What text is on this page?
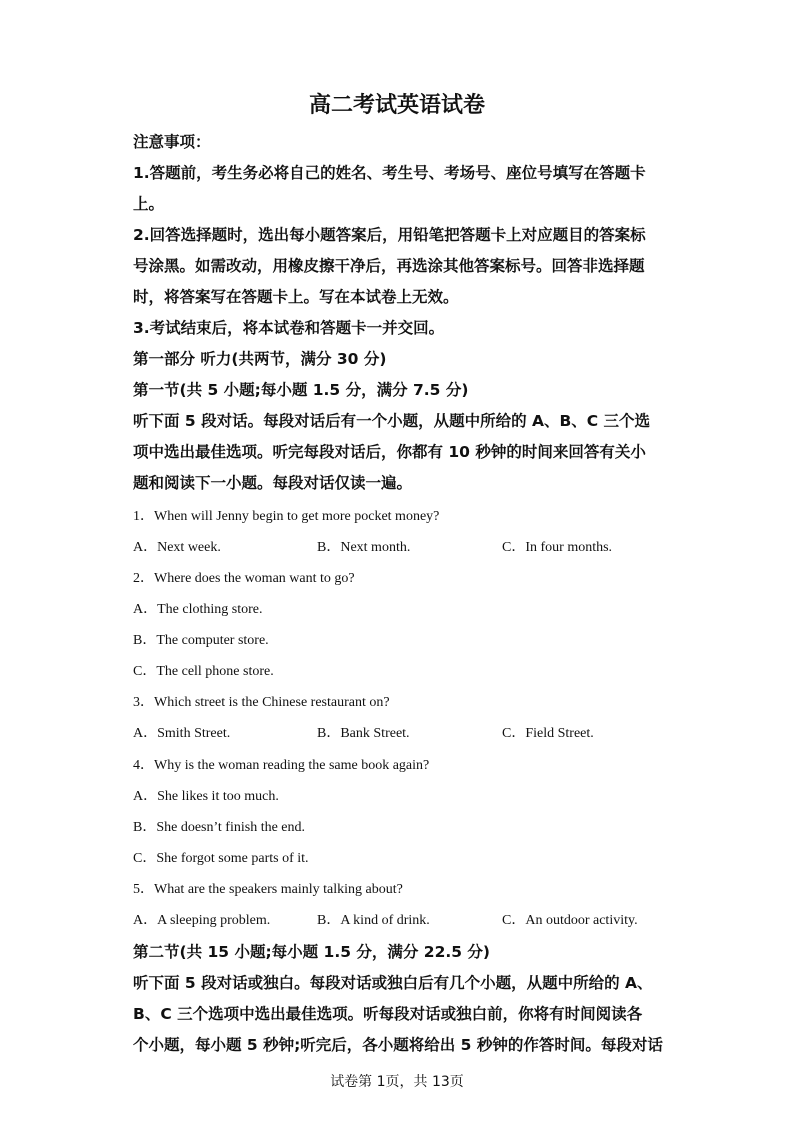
高二考试英语试卷
注意事项：
1.答题前，考生务必将自己的姓名、考生号、考场号、座位号填写在答题卡
上。
2.回答选择题时，选出每小题答案后，用铅笔把答题卡上对应题目的答案标
号涂黑。如需改动，用橡皮擦干净后，再选涂其他答案标号。回答非选择题
时，将答案写在答题卡上。写在本试卷上无效。
3.考试结束后，将本试卷和答题卡一并交回。
第一部分 听力(共两节，满分 30 分)
第一节(共 5 小题;每小题 1.5 分，满分 7.5 分)
听下面 5 段对话。每段对话后有一个小题，从题中所给的 A、B、C 三个选
项中选出最佳选项。听完每段对话后，你都有 10 秒钟的时间来回答有关小
题和阅读下一小题。每段对话仅读一遍。
1．When will Jenny begin to get more pocket money?
A．Next week.	B．Next month.	C．In four months.
2．Where does the woman want to go?
A．The clothing store.
B．The computer store.
C．The cell phone store.
3．Which street is the Chinese restaurant on?
A．Smith Street.	B．Bank Street.	C．Field Street.
4．Why is the woman reading the same book again?
A．She likes it too much.
B．She doesn’t finish the end.
C．She forgot some parts of it.
5．What are the speakers mainly talking about?
A．A sleeping problem.	B．A kind of drink.	C．An outdoor activity.
第二节(共 15 小题;每小题 1.5 分，满分 22.5 分)
听下面 5 段对话或独白。每段对话或独白后有几个小题，从题中所给的 A、
B、C 三个选项中选出最佳选项。听每段对话或独白前，你将有时间阅读各
个小题，每小题 5 秒钟;听完后，各小题将给出 5 秒钟的作答时间。每段对话
试卷第 1页，共 13页
